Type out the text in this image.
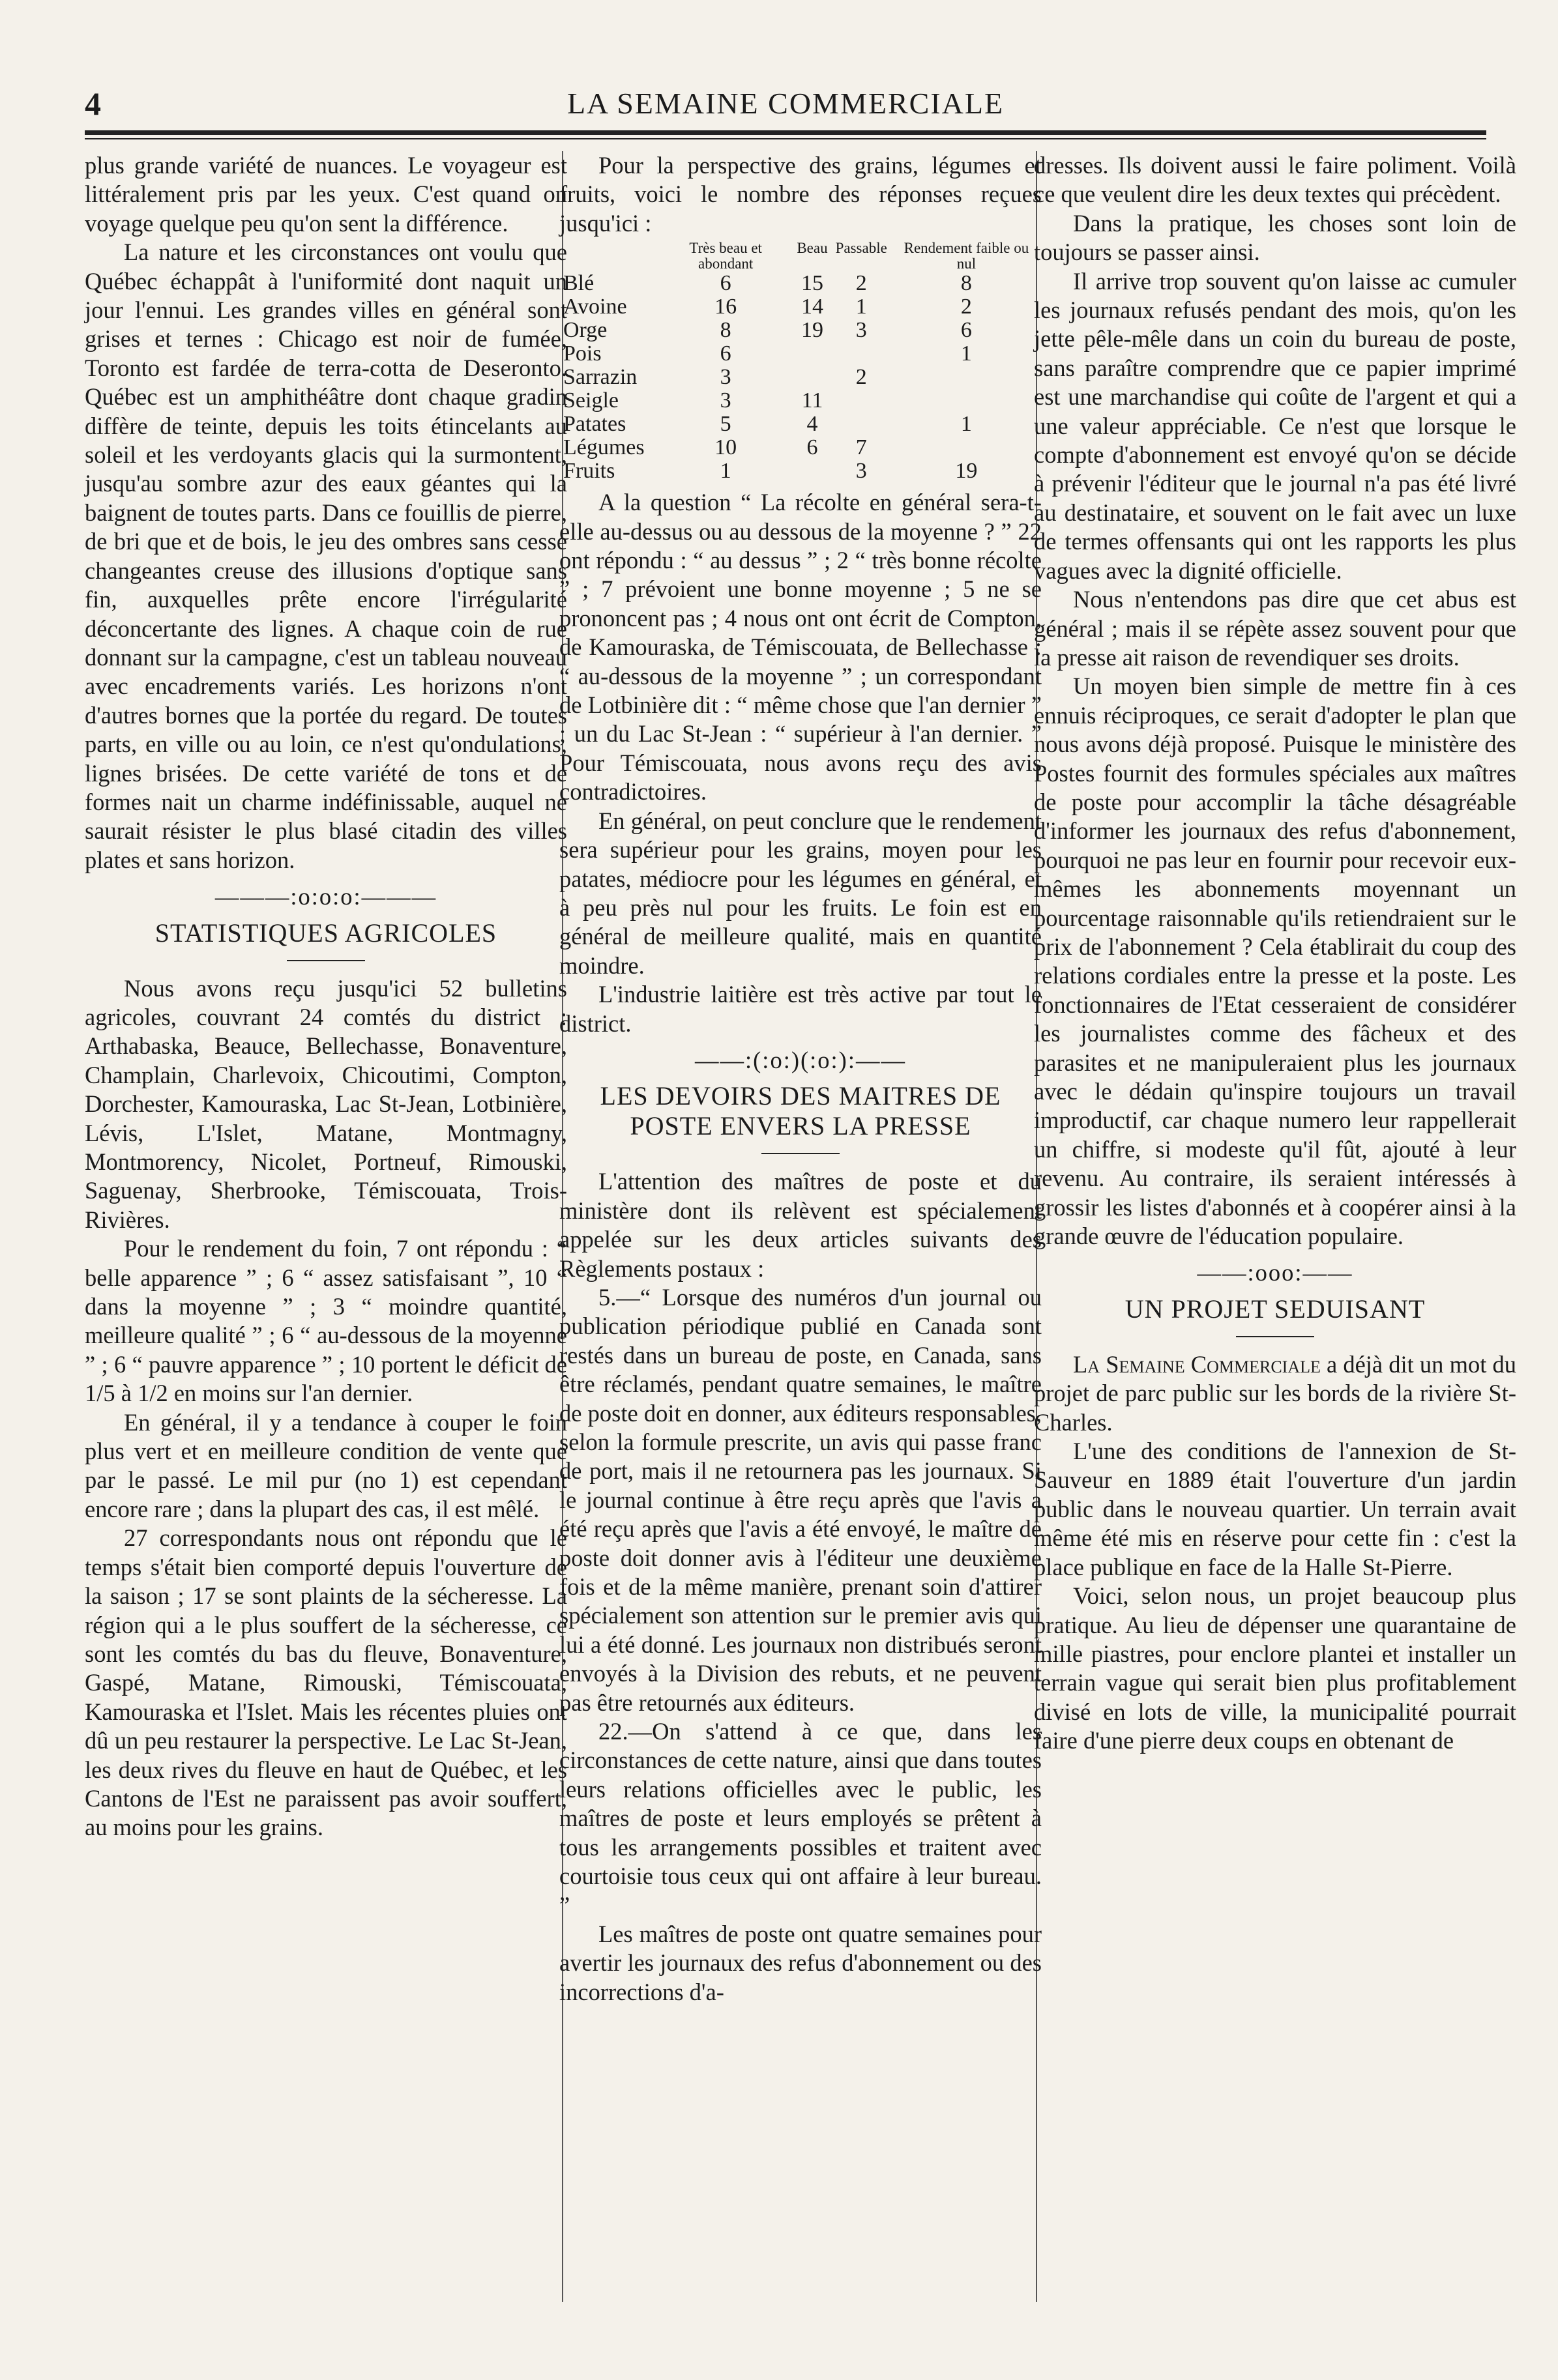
4	LA SEMAINE COMMERCIALE

plus grande variété de nuances. Le voyageur est littéralement pris par les yeux. C'est quand on voyage quelque peu qu'on sent la différence.

La nature et les circonstances ont voulu que Québec échappât à l'uniformité dont naquit un jour l'ennui. Les grandes villes en général sont grises et ternes : Chicago est noir de fumée, Toronto est fardée de terra-cotta de Deseronto. Québec est un amphithéâtre dont chaque gradin diffère de teinte, depuis les toits étincelants au soleil et les verdoyants glacis qui la surmontent, jusqu'au sombre azur des eaux géantes qui la baignent de toutes parts. Dans ce fouillis de pierre, de bri que et de bois, le jeu des ombres sans cesse changeantes creuse des illusions d'optique sans fin, auxquelles prête encore l'irrégularité déconcertante des lignes. A chaque coin de rue donnant sur la campagne, c'est un tableau nouveau avec encadrements variés. Les horizons n'ont d'autres bornes que la portée du regard. De toutes parts, en ville ou au loin, ce n'est qu'ondulations, lignes brisées. De cette variété de tons et de formes nait un charme indéfinissable, auquel ne saurait résister le plus blasé citadin des villes plates et sans horizon.

———:o:o:o:———
STATISTIQUES AGRICOLES

Nous avons reçu jusqu'ici 52 bulletins agricoles, couvrant 24 comtés du district : Arthabaska, Beauce, Bellechasse, Bonaventure, Champlain, Charlevoix, Chicoutimi, Compton, Dorchester, Kamouraska, Lac St-Jean, Lotbinière, Lévis, L'Islet, Matane, Montmagny, Montmorency, Nicolet, Portneuf, Rimouski, Saguenay, Sherbrooke, Témiscouata, Trois-Rivières.

Pour le rendement du foin, 7 ont répondu : “ belle apparence ” ; 6 “ assez satisfaisant ”, 10 “ dans la moyenne ” ; 3 “ moindre quantité, meilleure qualité ” ; 6 “ au-dessous de la moyenne ” ; 6 “ pauvre apparence ” ; 10 portent le déficit de 1/5 à 1/2 en moins sur l'an dernier.

En général, il y a tendance à couper le foin plus vert et en meilleure condition de vente que par le passé. Le mil pur (no 1) est cependant encore rare ; dans la plupart des cas, il est mêlé.

27 correspondants nous ont répondu que le temps s'était bien comporté depuis l'ouverture de la saison ; 17 se sont plaints de la sécheresse. La région qui a le plus souffert de la sécheresse, ce sont les comtés du bas du fleuve, Bonaventure, Gaspé, Matane, Rimouski, Témiscouata, Kamouraska et l'Islet. Mais les récentes pluies ont dû un peu restaurer la perspective. Le Lac St-Jean, les deux rives du fleuve en haut de Québec, et les Cantons de l'Est ne paraissent pas avoir souffert, au moins pour les grains.

Pour la perspective des grains, légumes et fruits, voici le nombre des réponses reçues jusqu'ici :

	Très beau et abondant	Beau	Passable	Rendement faible ou nul
Blé	6	15	2	8
Avoine	16	14	1	2
Orge	8	19	3	6
Pois	6			1
Sarrazin	3		2	
Seigle	3	11		
Patates	5	4		1
Légumes	10	6	7	
Fruits	1		3	19

A la question “ La récolte en général sera-t-elle au-dessus ou au dessous de la moyenne ? ” 22 ont répondu : “ au dessus ” ; 2 “ très bonne récolte ” ; 7 prévoient une bonne moyenne ; 5 ne se prononcent pas ; 4 nous ont ont écrit de Compton, de Kamouraska, de Témiscouata, de Bellechasse : “ au-dessous de la moyenne ” ; un correspondant de Lotbinière dit : “ même chose que l'an dernier ” ; un du Lac St-Jean : “ supérieur à l'an dernier. ” Pour Témiscouata, nous avons reçu des avis contradictoires.

En général, on peut conclure que le rendement sera supérieur pour les grains, moyen pour les patates, médiocre pour les légumes en général, et à peu près nul pour les fruits. Le foin est en général de meilleure qualité, mais en quantité moindre.

L'industrie laitière est très active par tout le district.

——:(:o:)(:o:):——
LES DEVOIRS DES MAITRES DE POSTE ENVERS LA PRESSE

L'attention des maîtres de poste et du ministère dont ils relèvent est spécialement appelée sur les deux articles suivants des Règlements postaux :

5.—“ Lorsque des numéros d'un journal ou publication périodique publié en Canada sont restés dans un bureau de poste, en Canada, sans être réclamés, pendant quatre semaines, le maître de poste doit en donner, aux éditeurs responsables, selon la formule prescrite, un avis qui passe franc de port, mais il ne retournera pas les journaux. Si le journal continue à être reçu après que l'avis a été reçu après que l'avis a été envoyé, le maître de poste doit donner avis à l'éditeur une deuxième fois et de la même manière, prenant soin d'attirer spécialement son attention sur le premier avis qui lui a été donné. Les journaux non distribués seront envoyés à la Division des rebuts, et ne peuvent pas être retournés aux éditeurs.

22.—On s'attend à ce que, dans les circonstances de cette nature, ainsi que dans toutes leurs relations officielles avec le public, les maîtres de poste et leurs employés se prêtent à tous les arrangements possibles et traitent avec courtoisie tous ceux qui ont affaire à leur bureau. ”

Les maîtres de poste ont quatre semaines pour avertir les journaux des refus d'abonnement ou des incorrections d'a-

dresses. Ils doivent aussi le faire poliment. Voilà ce que veulent dire les deux textes qui précèdent.

Dans la pratique, les choses sont loin de toujours se passer ainsi.

Il arrive trop souvent qu'on laisse ac cumuler les journaux refusés pendant des mois, qu'on les jette pêle-mêle dans un coin du bureau de poste, sans paraître comprendre que ce papier imprimé est une marchandise qui coûte de l'argent et qui a une valeur appréciable. Ce n'est que lorsque le compte d'abonnement est envoyé qu'on se décide à prévenir l'éditeur que le journal n'a pas été livré au destinataire, et souvent on le fait avec un luxe de termes offensants qui ont les rapports les plus vagues avec la dignité officielle.

Nous n'entendons pas dire que cet abus est général ; mais il se répète assez souvent pour que la presse ait raison de revendiquer ses droits.

Un moyen bien simple de mettre fin à ces ennuis réciproques, ce serait d'adopter le plan que nous avons déjà proposé. Puisque le ministère des Postes fournit des formules spéciales aux maîtres de poste pour accomplir la tâche désagréable d'informer les journaux des refus d'abonnement, pourquoi ne pas leur en fournir pour recevoir eux-mêmes les abonnements moyennant un pourcentage raisonnable qu'ils retiendraient sur le prix de l'abonnement ? Cela établirait du coup des relations cordiales entre la presse et la poste. Les fonctionnaires de l'Etat cesseraient de considérer les journalistes comme des fâcheux et des parasites et ne manipuleraient plus les journaux avec le dédain qu'inspire toujours un travail improductif, car chaque numero leur rappellerait un chiffre, si modeste qu'il fût, ajouté à leur revenu. Au contraire, ils seraient intéressés à grossir les listes d'abonnés et à coopérer ainsi à la grande œuvre de l'éducation populaire.

——:ooo:——
UN PROJET SEDUISANT

La Semaine Commerciale a déjà dit un mot du projet de parc public sur les bords de la rivière St-Charles.

L'une des conditions de l'annexion de St-Sauveur en 1889 était l'ouverture d'un jardin public dans le nouveau quartier. Un terrain avait même été mis en réserve pour cette fin : c'est la place publique en face de la Halle St-Pierre.

Voici, selon nous, un projet beaucoup plus pratique. Au lieu de dépenser une quarantaine de mille piastres, pour enclore plantei et installer un terrain vague qui serait bien plus profitablement divisé en lots de ville, la municipalité pourrait faire d'une pierre deux coups en obtenant de
